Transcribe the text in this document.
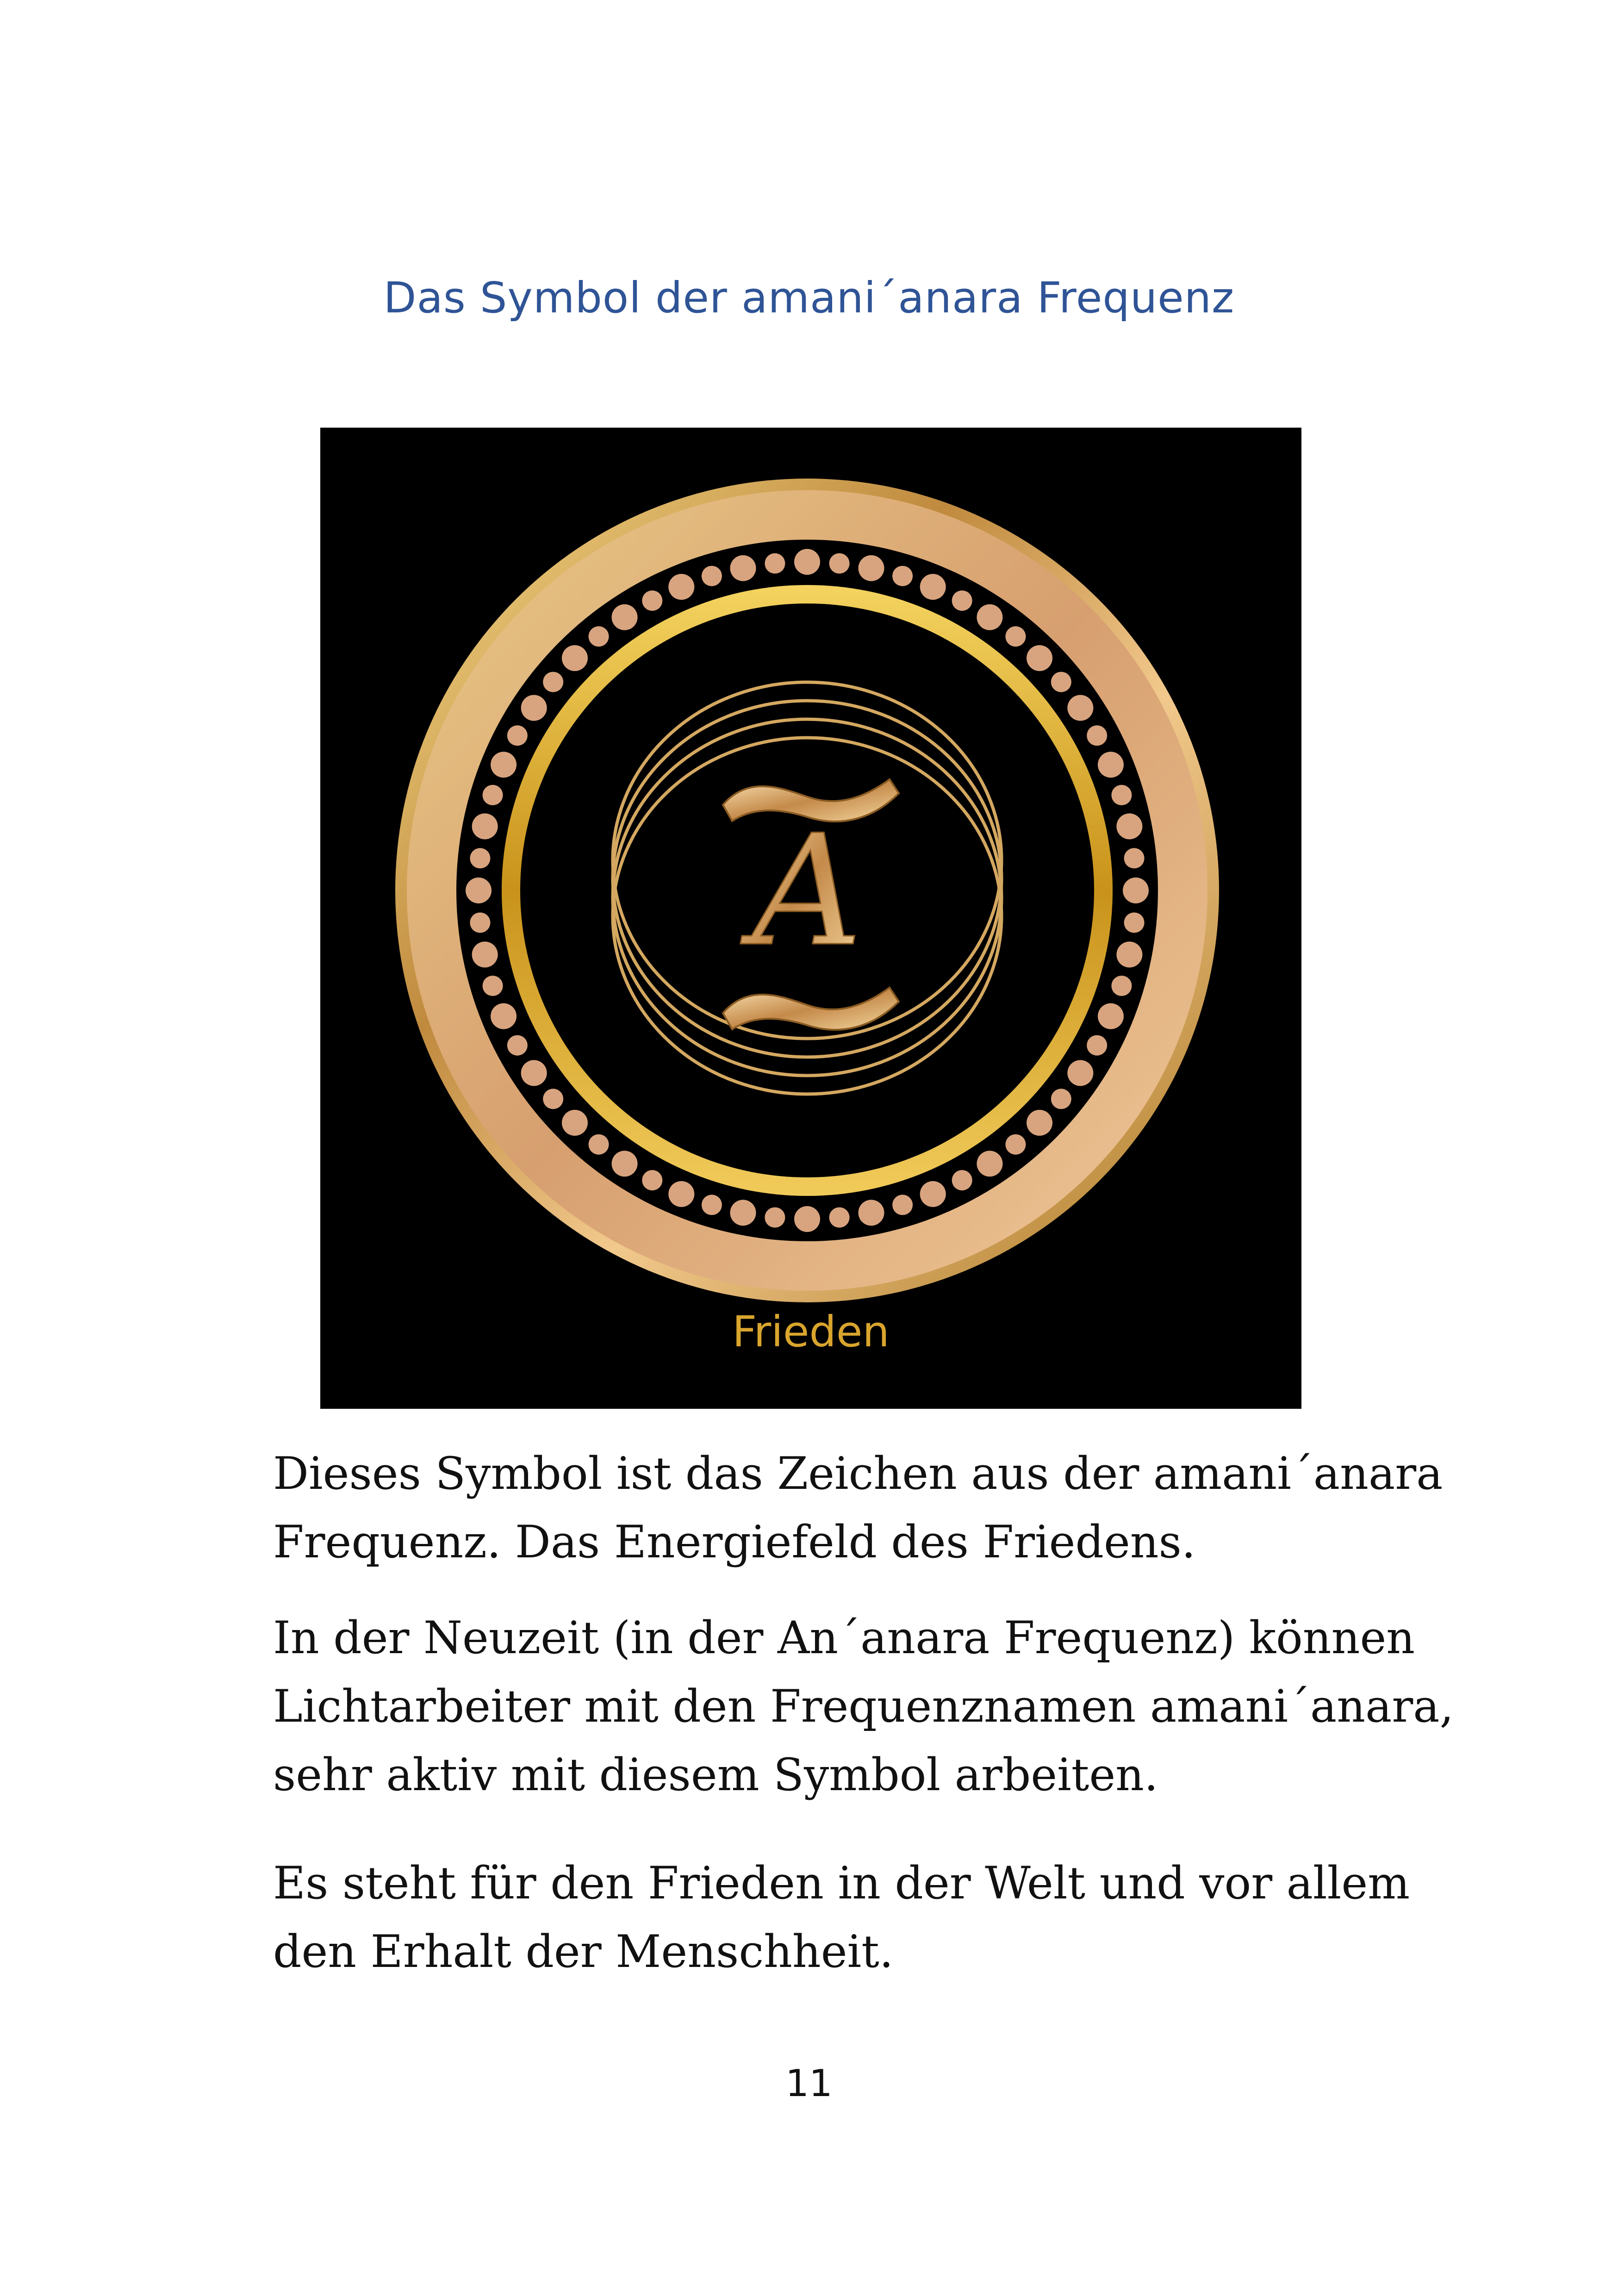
Das Symbol der amani´anara Frequenz
A
Frieden

Dieses Symbol ist das Zeichen aus der amani´anara
Frequenz. Das Energiefeld des Friedens.

In der Neuzeit (in der An´anara Frequenz) können
Lichtarbeiter mit den Frequenznamen amani´anara,
sehr aktiv mit diesem Symbol arbeiten.

Es steht für den Frieden in der Welt und vor allem
den Erhalt der Menschheit.

11
